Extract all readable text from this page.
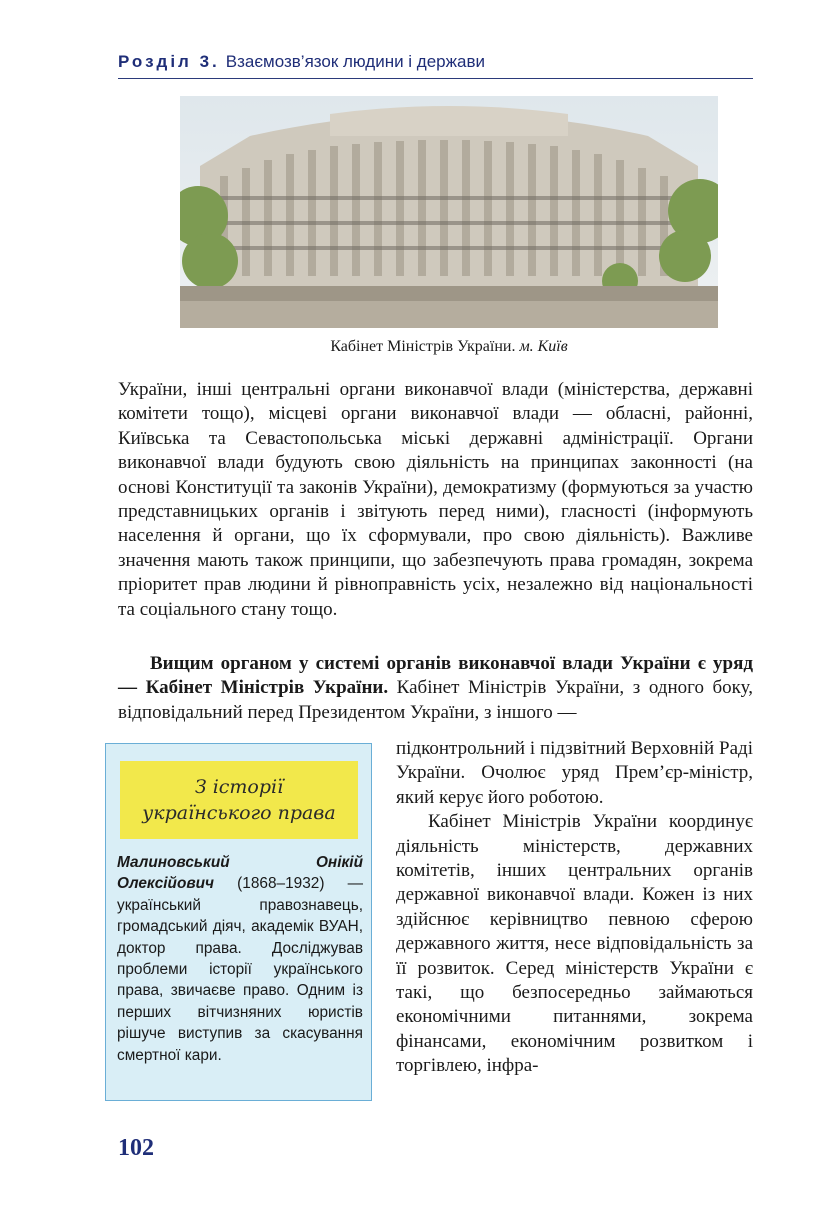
Розділ 3. Взаємозв’язок людини і держави
Кабінет Міністрів України. м. Київ
України, інші центральні органи виконавчої влади (міністерства, державні комітети тощо), місцеві органи виконавчої влади — обласні, районні, Київська та Севастопольська міські державні адміністрації. Органи виконавчої влади будують свою діяльність на принципах законності (на основі Конституції та законів України), демократизму (формуються за участю представницьких органів і звітують перед ними), гласності (інформують населення й органи, що їх сформували, про свою діяльність). Важливе значення мають також принципи, що забезпечують права громадян, зокрема пріоритет прав людини й рівноправність усіх, незалежно від національності та соціального стану тощо.
Вищим органом у системі органів виконавчої влади України є уряд — Кабінет Міністрів України. Кабінет Міністрів України, з одного боку, відповідальний перед Президентом України, з іншого —

підконтрольний і підзвітний Верховній Раді України. Очолює уряд Прем’єр-міністр, який керує його роботою.

Кабінет Міністрів України координує діяльність міністерств, державних комітетів, інших центральних органів державної виконавчої влади. Кожен із них здійснює керівництво певною сферою державного життя, несе відповідальність за її розвиток. Серед міністерств України є такі, що безпосередньо займаються економічними питаннями, зокрема фінансами, економічним розвитком і торгівлею, інфра-

З історії
українського права
Малиновський Онікій Олексійович (1868–1932) — український правознавець, громадський діяч, академік ВУАН, доктор права. Досліджував проблеми історії українського права, звичаєве право. Одним із перших вітчизняних юристів рішуче виступив за скасування смертної кари.
102
